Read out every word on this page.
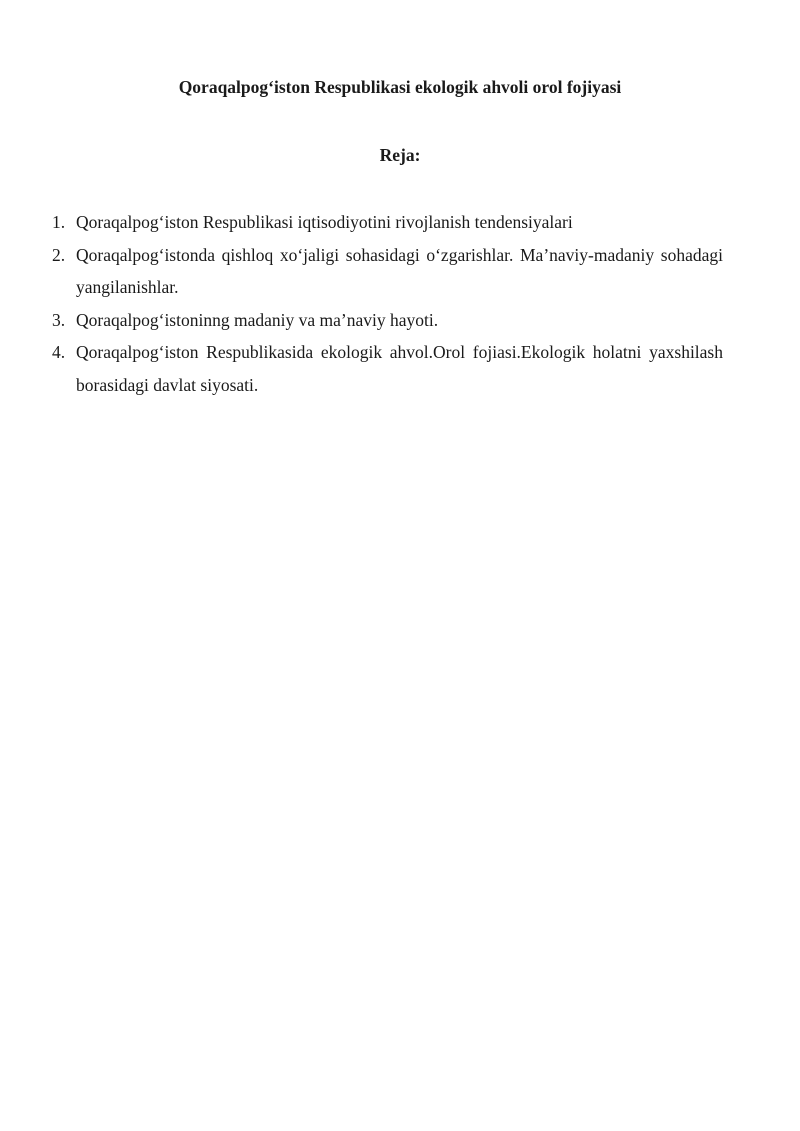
Qoraqalpog‘iston Respublikasi ekologik ahvoli orol fojiyasi
Reja:
1. Qoraqalpog‘iston Respublikasi iqtisodiyotini rivojlanish tendensiyalari
2. Qoraqalpog‘istonda qishloq xo‘jaligi sohasidagi o‘zgarishlar. Ma’naviy-madaniy sohadagi yangilanishlar.
3. Qoraqalpog‘istoninng madaniy va ma’naviy hayoti.
4. Qoraqalpog‘iston Respublikasida ekologik ahvol.Orol fojiasi.Ekologik holatni yaxshilash borasidagi davlat siyosati.
